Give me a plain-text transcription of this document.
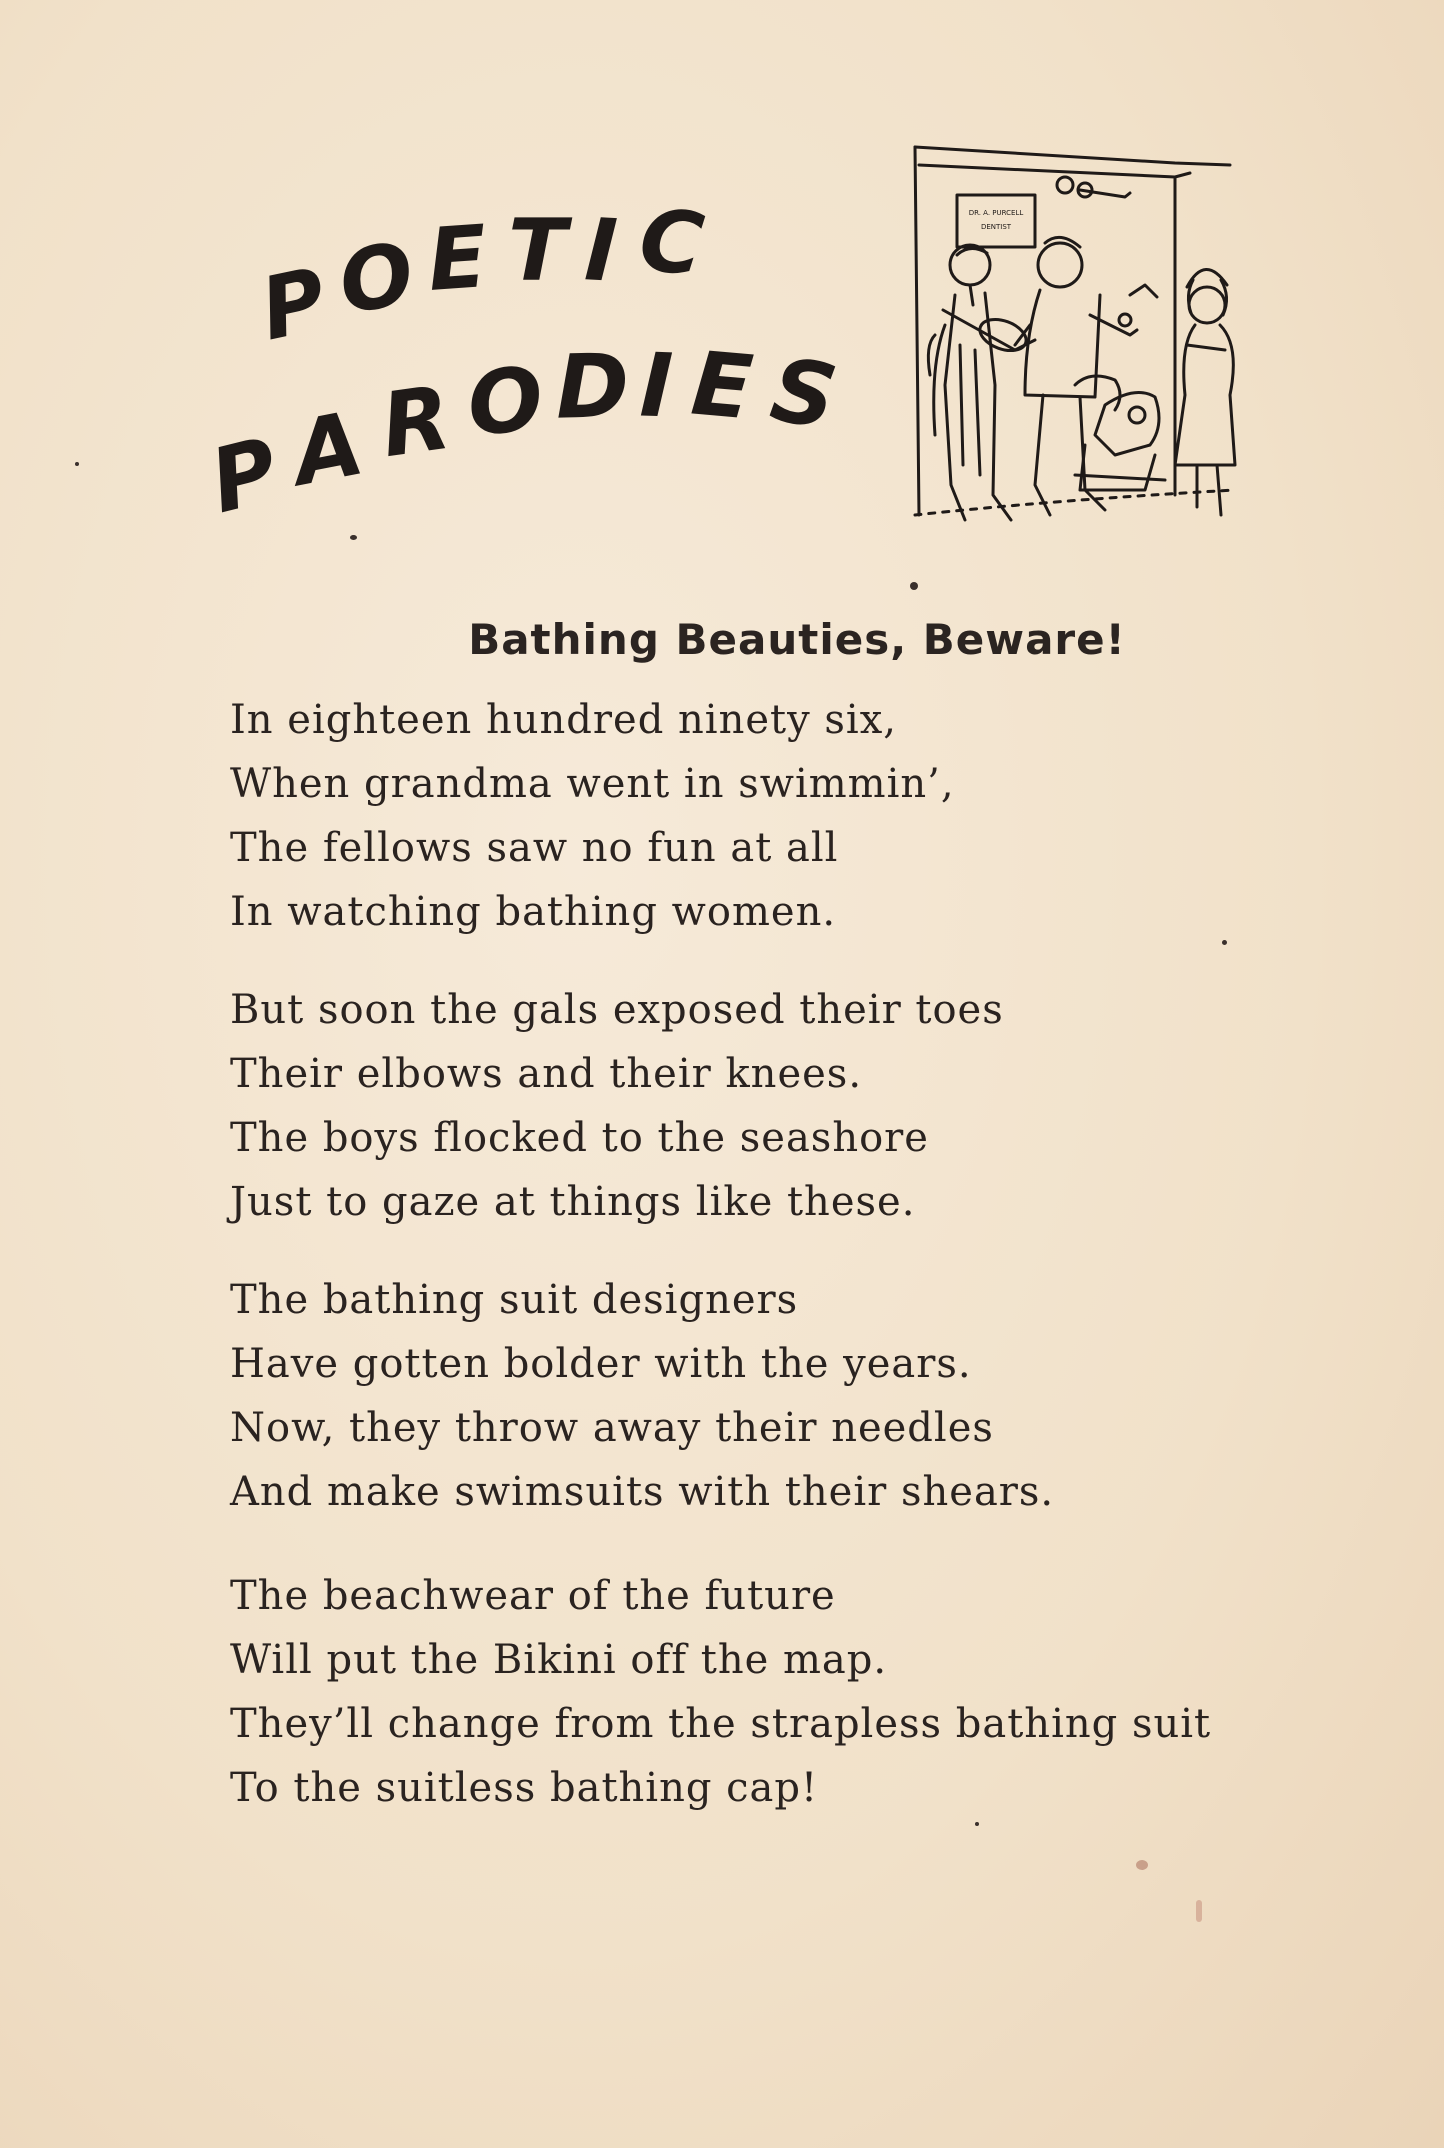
P
O E T I C
P
A R O D I E S
DR. A. PURCELL
DENTIST
Bathing Beauties, Beware!
In eighteen hundred ninety six,
When grandma went in swimmin’,
The fellows saw no fun at all
In watching bathing women.
But soon the gals exposed their toes
Their elbows and their knees.
The boys flocked to the seashore
Just to gaze at things like these.
The bathing suit designers
Have gotten bolder with the years.
Now, they throw away their needles
And make swimsuits with their shears.
The beachwear of the future
Will put the Bikini off the map.
They’ll change from the strapless bathing suit
To the suitless bathing cap!
